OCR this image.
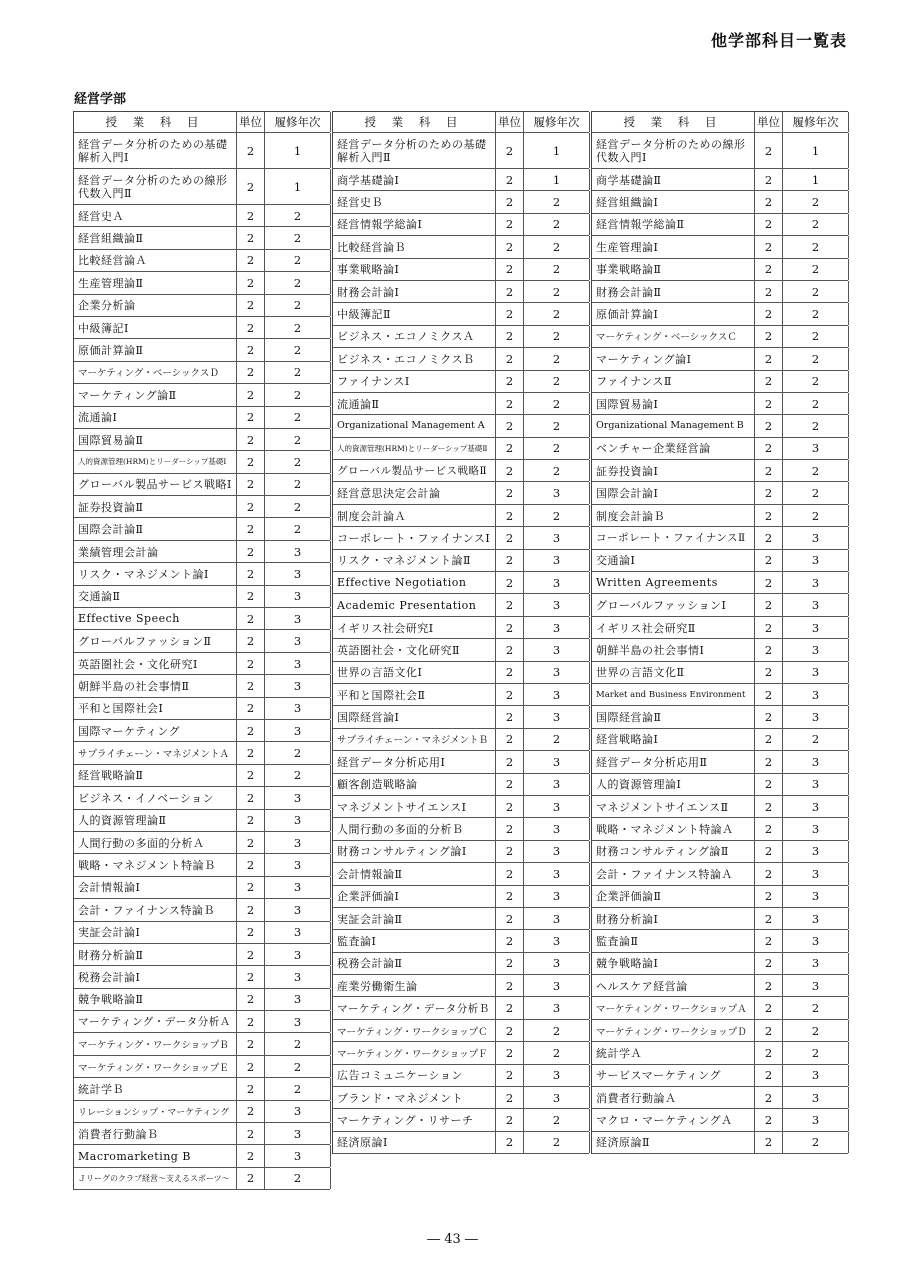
他学部科目一覧表
経営学部
授 業 科 目	単位	履修年次
経営データ分析のための基礎解析入門Ⅰ	2	1
経営データ分析のための線形代数入門Ⅱ	2	1
経営史Ａ	2	2
経営組織論Ⅱ	2	2
比較経営論Ａ	2	2
生産管理論Ⅱ	2	2
企業分析論	2	2
中級簿記Ⅰ	2	2
原価計算論Ⅱ	2	2
マーケティング・ベーシックスＤ	2	2
マーケティング論Ⅱ	2	2
流通論Ⅰ	2	2
国際貿易論Ⅱ	2	2
人的資源管理(HRM)とリーダーシップ基礎Ⅰ	2	2
グローバル製品サービス戦略Ⅰ	2	2
証券投資論Ⅱ	2	2
国際会計論Ⅱ	2	2
業績管理会計論	2	3
リスク・マネジメント論Ⅰ	2	3
交通論Ⅱ	2	3
Effective Speech	2	3
グローバルファッションⅡ	2	3
英語圏社会・文化研究Ⅰ	2	3
朝鮮半島の社会事情Ⅱ	2	3
平和と国際社会Ⅰ	2	3
国際マーケティング	2	3
サプライチェーン・マネジメントＡ	2	2
経営戦略論Ⅱ	2	2
ビジネス・イノベーション	2	3
人的資源管理論Ⅱ	2	3
人間行動の多面的分析Ａ	2	3
戦略・マネジメント特論Ｂ	2	3
会計情報論Ⅰ	2	3
会計・ファイナンス特論Ｂ	2	3
実証会計論Ⅰ	2	3
財務分析論Ⅱ	2	3
税務会計論Ⅰ	2	3
競争戦略論Ⅱ	2	3
マーケティング・データ分析Ａ	2	3
マーケティング・ワークショップＢ	2	2
マーケティング・ワークショップＥ	2	2
統計学Ｂ	2	2
リレーションシップ・マーケティング	2	3
消費者行動論Ｂ	2	3
Macromarketing B	2	3
Ｊリーグのクラブ経営～支えるスポーツ～	2	2
授 業 科 目	単位	履修年次
経営データ分析のための基礎解析入門Ⅱ	2	1
商学基礎論Ⅰ	2	1
経営史Ｂ	2	2
経営情報学総論Ⅰ	2	2
比較経営論Ｂ	2	2
事業戦略論Ⅰ	2	2
財務会計論Ⅰ	2	2
中級簿記Ⅱ	2	2
ビジネス・エコノミクスＡ	2	2
ビジネス・エコノミクスＢ	2	2
ファイナンスⅠ	2	2
流通論Ⅱ	2	2
Organizational Management A	2	2
人的資源管理(HRM)とリーダーシップ基礎Ⅱ	2	2
グローバル製品サービス戦略Ⅱ	2	2
経営意思決定会計論	2	3
制度会計論Ａ	2	2
コーポレート・ファイナンスⅠ	2	3
リスク・マネジメント論Ⅱ	2	3
Effective Negotiation	2	3
Academic Presentation	2	3
イギリス社会研究Ⅰ	2	3
英語圏社会・文化研究Ⅱ	2	3
世界の言語文化Ⅰ	2	3
平和と国際社会Ⅱ	2	3
国際経営論Ⅰ	2	3
サプライチェーン・マネジメントＢ	2	2
経営データ分析応用Ⅰ	2	3
顧客創造戦略論	2	3
マネジメントサイエンスⅠ	2	3
人間行動の多面的分析Ｂ	2	3
財務コンサルティング論Ⅰ	2	3
会計情報論Ⅱ	2	3
企業評価論Ⅰ	2	3
実証会計論Ⅱ	2	3
監査論Ⅰ	2	3
税務会計論Ⅱ	2	3
産業労働衛生論	2	3
マーケティング・データ分析Ｂ	2	3
マーケティング・ワークショップＣ	2	2
マーケティング・ワークショップＦ	2	2
広告コミュニケーション	2	3
ブランド・マネジメント	2	3
マーケティング・リサーチ	2	2
経済原論Ⅰ	2	2
授 業 科 目	単位	履修年次
経営データ分析のための線形代数入門Ⅰ	2	1
商学基礎論Ⅱ	2	1
経営組織論Ⅰ	2	2
経営情報学総論Ⅱ	2	2
生産管理論Ⅰ	2	2
事業戦略論Ⅱ	2	2
財務会計論Ⅱ	2	2
原価計算論Ⅰ	2	2
マーケティング・ベーシックスＣ	2	2
マーケティング論Ⅰ	2	2
ファイナンスⅡ	2	2
国際貿易論Ⅰ	2	2
Organizational Management B	2	2
ベンチャー企業経営論	2	3
証券投資論Ⅰ	2	2
国際会計論Ⅰ	2	2
制度会計論Ｂ	2	2
コーポレート・ファイナンスⅡ	2	3
交通論Ⅰ	2	3
Written Agreements	2	3
グローバルファッションⅠ	2	3
イギリス社会研究Ⅱ	2	3
朝鮮半島の社会事情Ⅰ	2	3
世界の言語文化Ⅱ	2	3
Market and Business Environment	2	3
国際経営論Ⅱ	2	3
経営戦略論Ⅰ	2	2
経営データ分析応用Ⅱ	2	3
人的資源管理論Ⅰ	2	3
マネジメントサイエンスⅡ	2	3
戦略・マネジメント特論Ａ	2	3
財務コンサルティング論Ⅱ	2	3
会計・ファイナンス特論Ａ	2	3
企業評価論Ⅱ	2	3
財務分析論Ⅰ	2	3
監査論Ⅱ	2	3
競争戦略論Ⅰ	2	3
ヘルスケア経営論	2	3
マーケティング・ワークショップＡ	2	2
マーケティング・ワークショップＤ	2	2
統計学Ａ	2	2
サービスマーケティング	2	3
消費者行動論Ａ	2	3
マクロ・マーケティングＡ	2	3
経済原論Ⅱ	2	2
― 43 ―
